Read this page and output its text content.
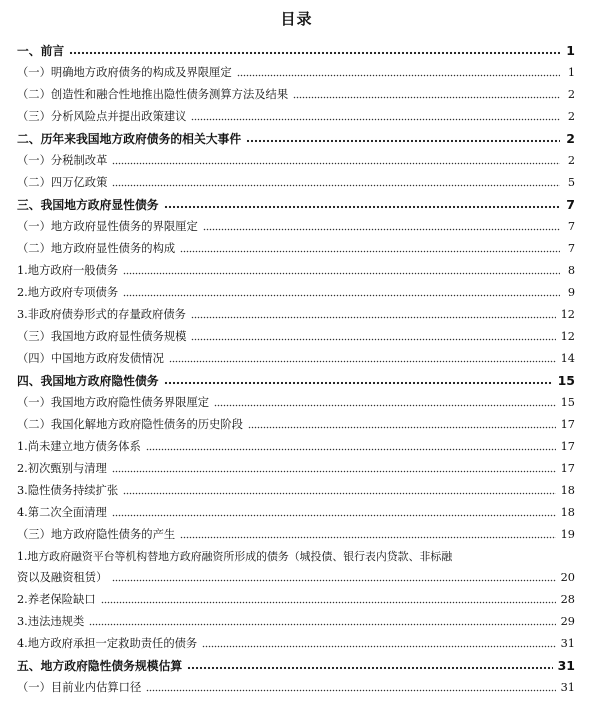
目录
一、前言	1
（一）明确地方政府债务的构成及界限厘定	1
（二）创造性和融合性地推出隐性债务测算方法及结果	2
（三）分析风险点并提出政策建议	2
二、历年来我国地方政府债务的相关大事件	2
（一）分税制改革	2
（二）四万亿政策	5
三、我国地方政府显性债务	7
（一）地方政府显性债务的界限厘定	7
（二）地方政府显性债务的构成	7
1.地方政府一般债务	8
2.地方政府专项债务	9
3.非政府债券形式的存量政府债务	12
（三）我国地方政府显性债务规模	12
（四）中国地方政府发债情况	14
四、我国地方政府隐性债务	15
（一）我国地方政府隐性债务界限厘定	15
（二）我国化解地方政府隐性债务的历史阶段	17
1.尚未建立地方债务体系	17
2.初次甄别与清理	17
3.隐性债务持续扩张	18
4.第二次全面清理	18
（三）地方政府隐性债务的产生	19
1.地方政府融资平台等机构替地方政府融资所形成的债务（城投债、银行表内贷款、非标融
资以及融资租赁）	20
2.养老保险缺口	28
3.违法违规类	29
4.地方政府承担一定救助责任的债务	31
五、地方政府隐性债务规模估算	31
（一）目前业内估算口径	31
